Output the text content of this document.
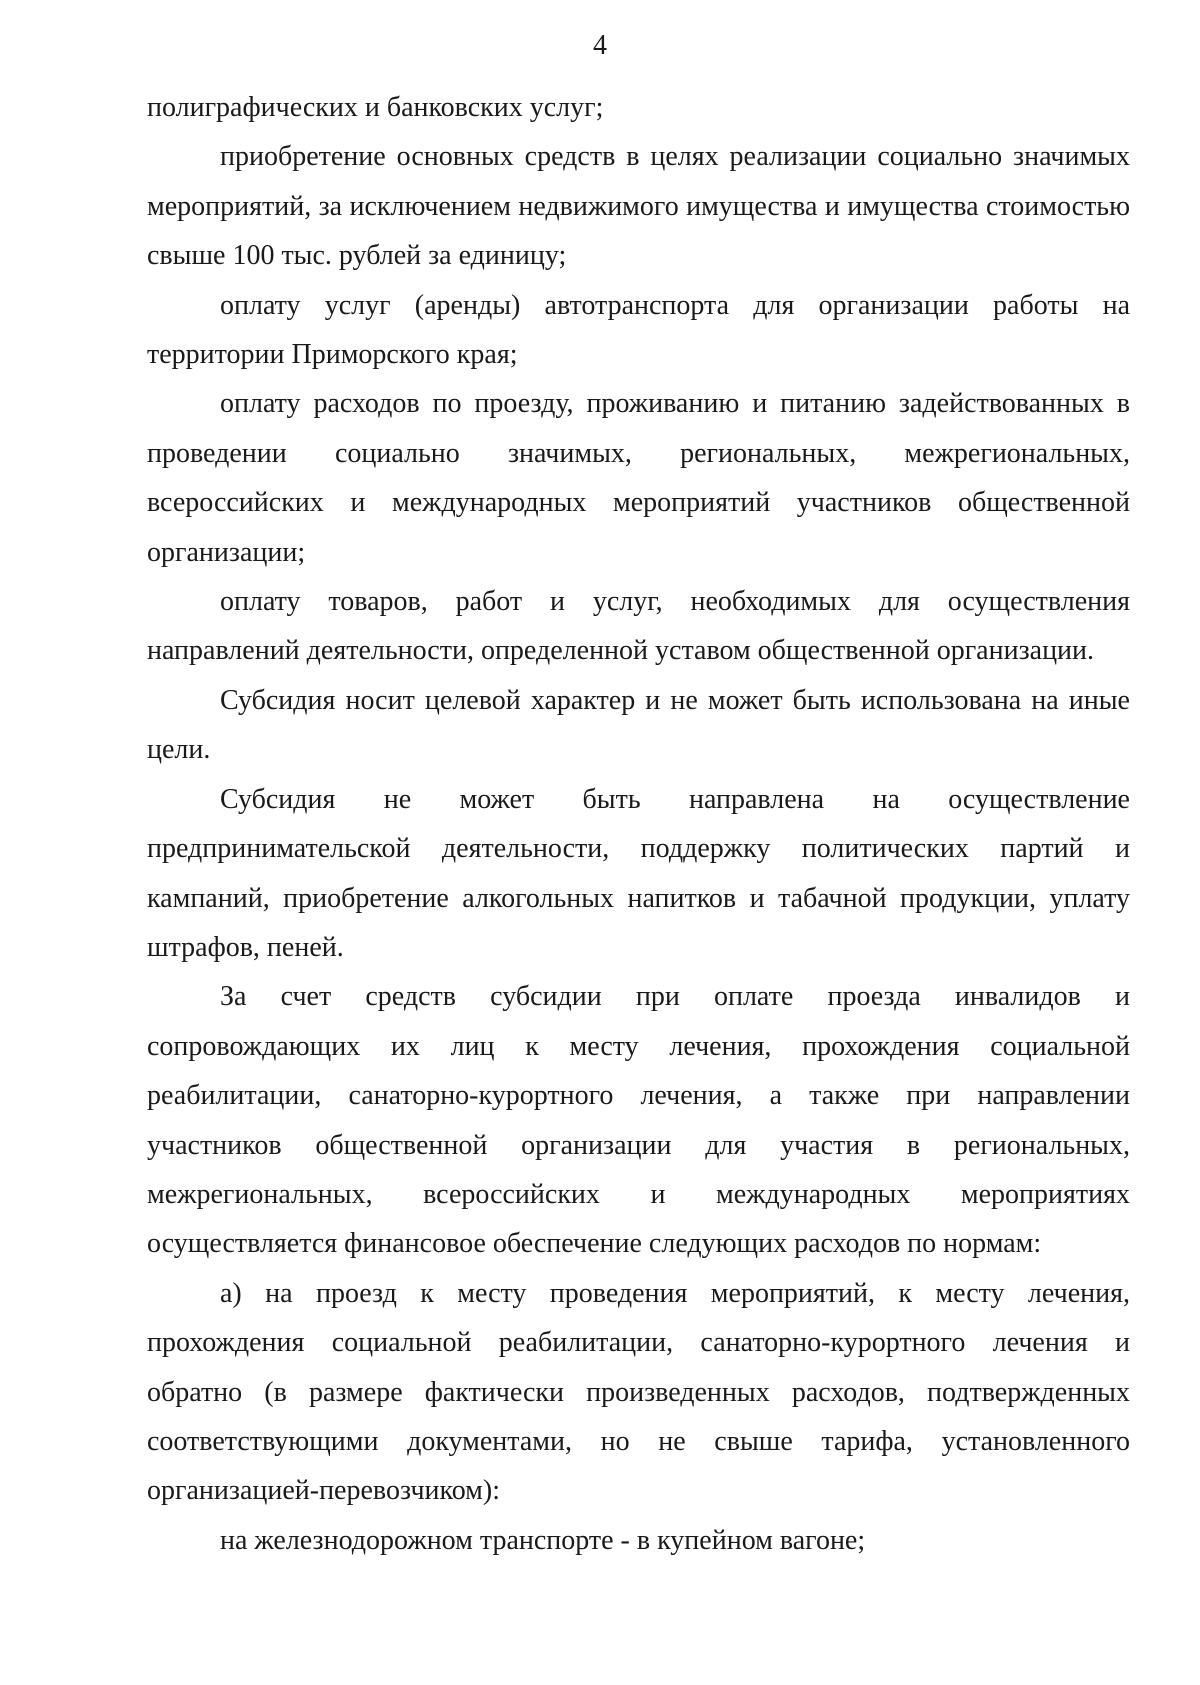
4

полиграфических и банковских услуг;

приобретение основных средств в целях реализации социально значимых мероприятий, за исключением недвижимого имущества и имущества стоимостью свыше 100 тыс. рублей за единицу;

оплату услуг (аренды) автотранспорта для организации работы на территории Приморского края;

оплату расходов по проезду, проживанию и питанию задействованных в проведении социально значимых, региональных, межрегиональных, всероссийских и международных мероприятий участников общественной организации;

оплату товаров, работ и услуг, необходимых для осуществления направлений деятельности, определенной уставом общественной организации.

Субсидия носит целевой характер и не может быть использована на иные цели.

Субсидия не может быть направлена на осуществление предпринимательской деятельности, поддержку политических партий и кампаний, приобретение алкогольных напитков и табачной продукции, уплату штрафов, пеней.

За счет средств субсидии при оплате проезда инвалидов и сопровождающих их лиц к месту лечения, прохождения социальной реабилитации, санаторно-курортного лечения, а также при направлении участников общественной организации для участия в региональных, межрегиональных, всероссийских и международных мероприятиях осуществляется финансовое обеспечение следующих расходов по нормам:

а) на проезд к месту проведения мероприятий, к месту лечения, прохождения социальной реабилитации, санаторно-курортного лечения и обратно (в размере фактически произведенных расходов, подтвержденных соответствующими документами, но не свыше тарифа, установленного организацией-перевозчиком):

на железнодорожном транспорте - в купейном вагоне;
